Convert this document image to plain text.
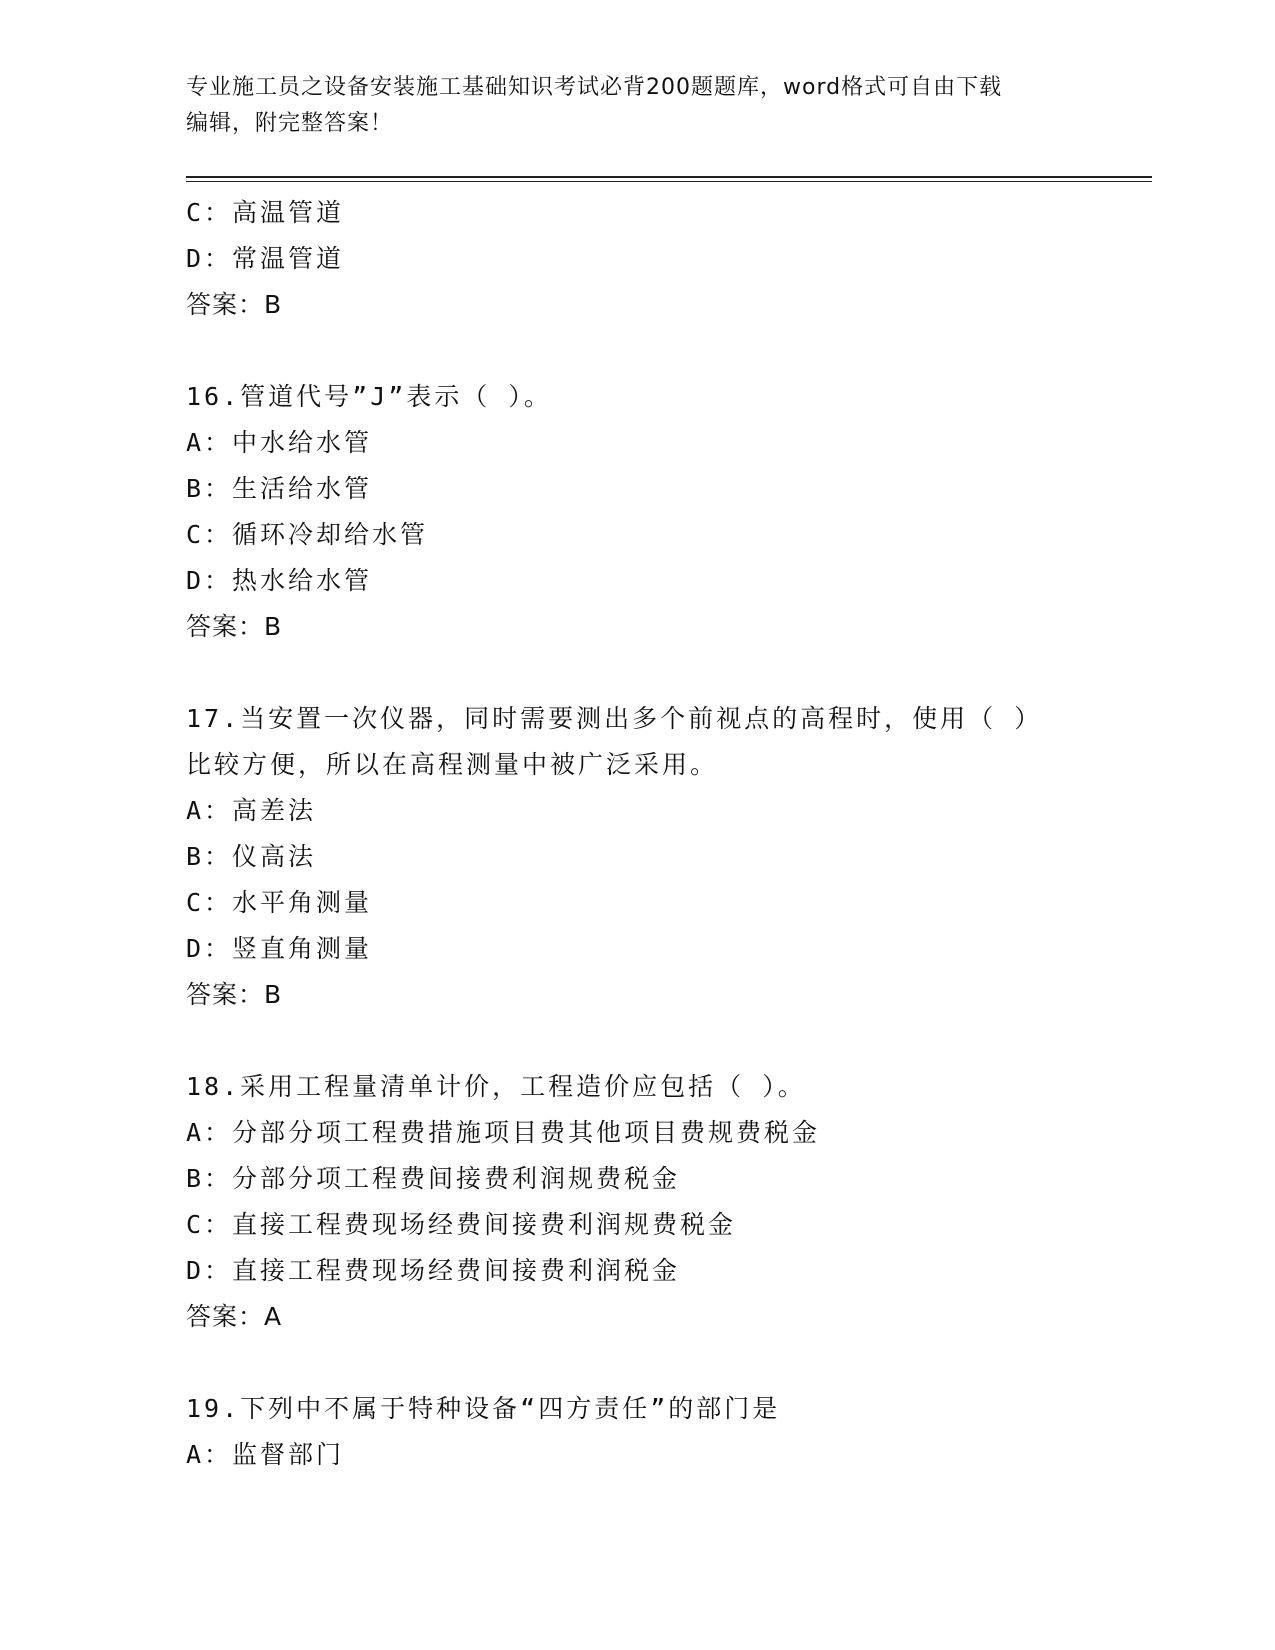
专业施工员之设备安装施工基础知识考试必背200题题库，word格式可自由下载
编辑，附完整答案！
C：高温管道
D：常温管道
答案：B
16.管道代号”J”表示（ ）。
A：中水给水管
B：生活给水管
C：循环冷却给水管
D：热水给水管
答案：B
17.当安置一次仪器，同时需要测出多个前视点的高程时，使用（ ）
比较方便，所以在高程测量中被广泛采用。
A：高差法
B：仪高法
C：水平角测量
D：竖直角测量
答案：B
18.采用工程量清单计价，工程造价应包括（ ）。
A：分部分项工程费措施项目费其他项目费规费税金
B：分部分项工程费间接费利润规费税金
C：直接工程费现场经费间接费利润规费税金
D：直接工程费现场经费间接费利润税金
答案：A
19.下列中不属于特种设备“四方责任”的部门是
A：监督部门
